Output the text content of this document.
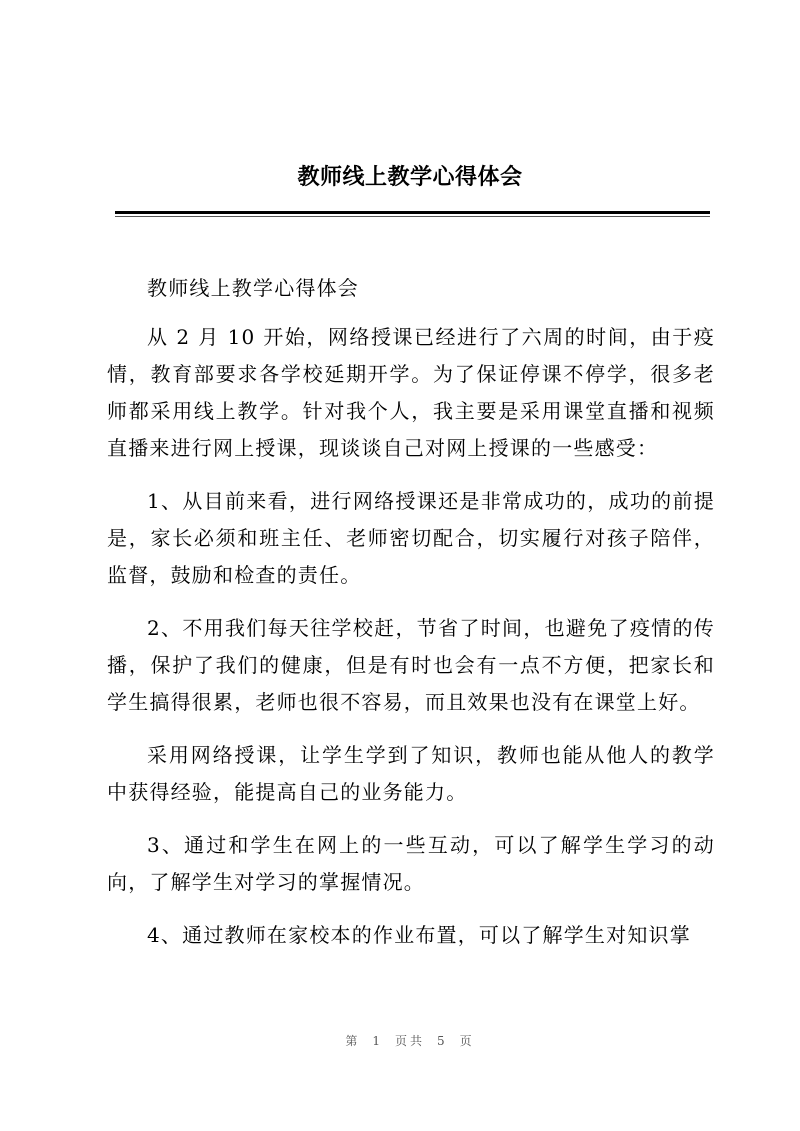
教师线上教学心得体会

教师线上教学心得体会

从 2 月 10 开始，网络授课已经进行了六周的时间，由于疫情，教育部要求各学校延期开学。为了保证停课不停学，很多老师都采用线上教学。针对我个人，我主要是采用课堂直播和视频直播来进行网上授课，现谈谈自己对网上授课的一些感受：

1、从目前来看，进行网络授课还是非常成功的，成功的前提是，家长必须和班主任、老师密切配合，切实履行对孩子陪伴，监督，鼓励和检查的责任。

2、不用我们每天往学校赶，节省了时间，也避免了疫情的传播，保护了我们的健康，但是有时也会有一点不方便，把家长和学生搞得很累，老师也很不容易，而且效果也没有在课堂上好。

采用网络授课，让学生学到了知识，教师也能从他人的教学中获得经验，能提高自己的业务能力。

3、通过和学生在网上的一些互动，可以了解学生学习的动向，了解学生对学习的掌握情况。

4、通过教师在家校本的作业布置，可以了解学生对知识掌

第 1 页共 5 页
